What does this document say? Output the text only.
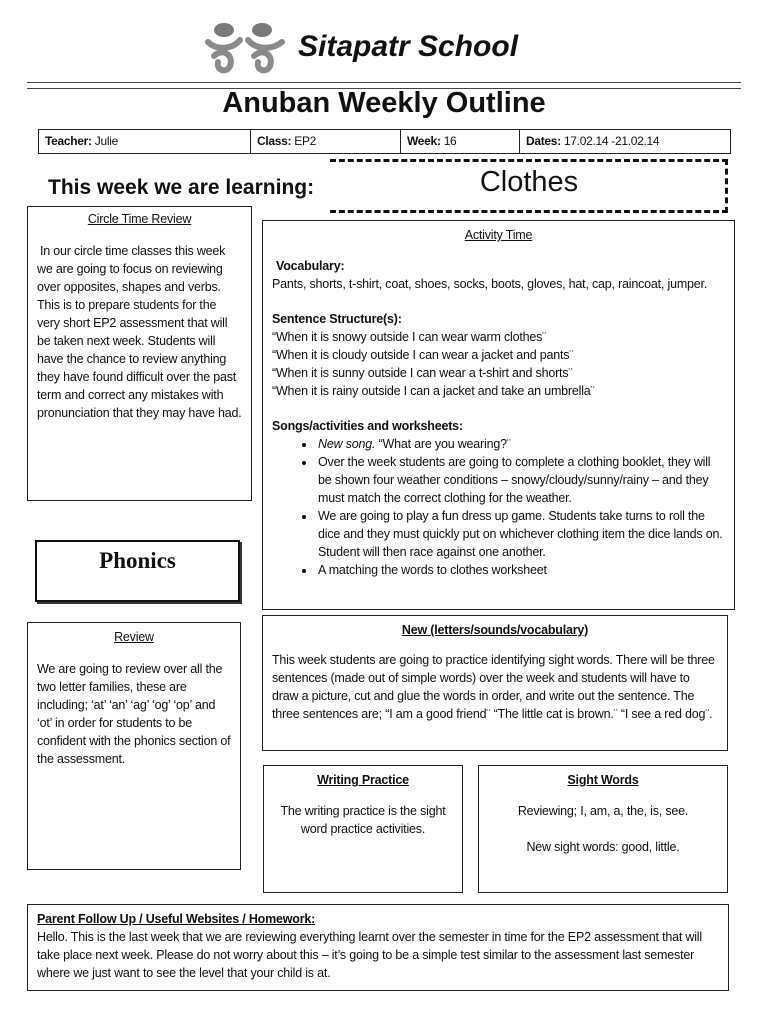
Sitapatr School
Anuban Weekly Outline
Teacher: Julie	Class: EP2	Week: 16	Dates: 17.02.14 -21.02.14
This week we are learning:	Clothes
Circle Time Review
In our circle time classes this week we are going to focus on reviewing over opposites, shapes and verbs. This is to prepare students for the very short EP2 assessment that will be taken next week. Students will have the chance to review anything they have found difficult over the past term and correct any mistakes with pronunciation that they may have had.
Activity Time
Vocabulary:
Pants, shorts, t-shirt, coat, shoes, socks, boots, gloves, hat, cap, raincoat, jumper.
Sentence Structure(s):
“When it is snowy outside I can wear warm clothes¨
“When it is cloudy outside I can wear a jacket and pants¨
“When it is sunny outside I can wear a t-shirt and shorts¨
“When it is rainy outside I can a jacket and take an umbrella¨
Songs/activities and worksheets:
• New song. “What are you wearing?¨
• Over the week students are going to complete a clothing booklet, they will be shown four weather conditions – snowy/cloudy/sunny/rainy – and they must match the correct clothing for the weather.
• We are going to play a fun dress up game. Students take turns to roll the dice and they must quickly put on whichever clothing item the dice lands on. Student will then race against one another.
• A matching the words to clothes worksheet
Phonics
Review
We are going to review over all the two letter families, these are including; ‘at’ ‘an’ ‘ag’ ‘og’ ‘op’ and ‘ot’ in order for students to be confident with the phonics section of the assessment.
New (letters/sounds/vocabulary)
This week students are going to practice identifying sight words. There will be three sentences (made out of simple words) over the week and students will have to draw a picture, cut and glue the words in order, and write out the sentence. The three sentences are; “I am a good friend¨ “The little cat is brown.¨ “I see a red dog¨.
Writing Practice
The writing practice is the sight word practice activities.
Sight Words
Reviewing; I, am, a, the, is, see.
New sight words: good, little.
Parent Follow Up / Useful Websites / Homework:
Hello. This is the last week that we are reviewing everything learnt over the semester in time for the EP2 assessment that will take place next week. Please do not worry about this – it’s going to be a simple test similar to the assessment last semester where we just want to see the level that your child is at.
